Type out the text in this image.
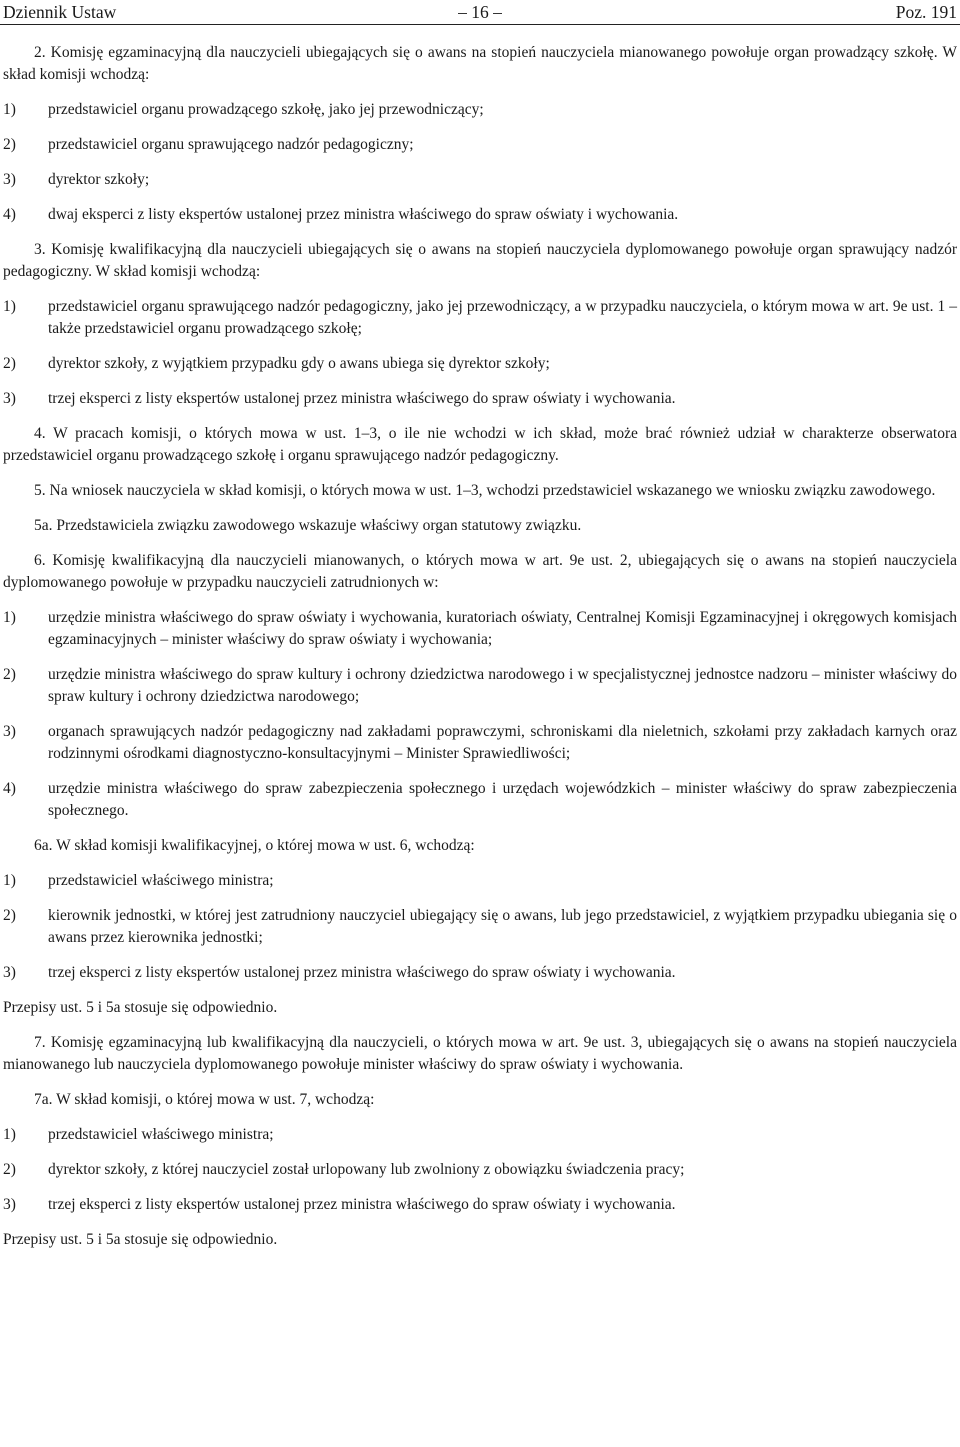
Dziennik Ustaw	– 16 –	Poz. 191

2. Komisję egzaminacyjną dla nauczycieli ubiegających się o awans na stopień nauczyciela mianowanego powołuje organ prowadzący szkołę. W skład komisji wchodzą:

1) przedstawiciel organu prowadzącego szkołę, jako jej przewodniczący;
2) przedstawiciel organu sprawującego nadzór pedagogiczny;
3) dyrektor szkoły;
4) dwaj eksperci z listy ekspertów ustalonej przez ministra właściwego do spraw oświaty i wychowania.

3. Komisję kwalifikacyjną dla nauczycieli ubiegających się o awans na stopień nauczyciela dyplomowanego powołuje organ sprawujący nadzór pedagogiczny. W skład komisji wchodzą:

1) przedstawiciel organu sprawującego nadzór pedagogiczny, jako jej przewodniczący, a w przypadku nauczyciela, o którym mowa w art. 9e ust. 1 – także przedstawiciel organu prowadzącego szkołę;
2) dyrektor szkoły, z wyjątkiem przypadku gdy o awans ubiega się dyrektor szkoły;
3) trzej eksperci z listy ekspertów ustalonej przez ministra właściwego do spraw oświaty i wychowania.

4. W pracach komisji, o których mowa w ust. 1–3, o ile nie wchodzi w ich skład, może brać również udział w charakterze obserwatora przedstawiciel organu prowadzącego szkołę i organu sprawującego nadzór pedagogiczny.

5. Na wniosek nauczyciela w skład komisji, o których mowa w ust. 1–3, wchodzi przedstawiciel wskazanego we wniosku związku zawodowego.

5a. Przedstawiciela związku zawodowego wskazuje właściwy organ statutowy związku.

6. Komisję kwalifikacyjną dla nauczycieli mianowanych, o których mowa w art. 9e ust. 2, ubiegających się o awans na stopień nauczyciela dyplomowanego powołuje w przypadku nauczycieli zatrudnionych w:

1) urzędzie ministra właściwego do spraw oświaty i wychowania, kuratoriach oświaty, Centralnej Komisji Egzaminacyjnej i okręgowych komisjach egzaminacyjnych – minister właściwy do spraw oświaty i wychowania;
2) urzędzie ministra właściwego do spraw kultury i ochrony dziedzictwa narodowego i w specjalistycznej jednostce nadzoru – minister właściwy do spraw kultury i ochrony dziedzictwa narodowego;
3) organach sprawujących nadzór pedagogiczny nad zakładami poprawczymi, schroniskami dla nieletnich, szkołami przy zakładach karnych oraz rodzinnymi ośrodkami diagnostyczno-konsultacyjnymi – Minister Sprawiedliwości;
4) urzędzie ministra właściwego do spraw zabezpieczenia społecznego i urzędach wojewódzkich – minister właściwy do spraw zabezpieczenia społecznego.

6a. W skład komisji kwalifikacyjnej, o której mowa w ust. 6, wchodzą:

1) przedstawiciel właściwego ministra;
2) kierownik jednostki, w której jest zatrudniony nauczyciel ubiegający się o awans, lub jego przedstawiciel, z wyjątkiem przypadku ubiegania się o awans przez kierownika jednostki;
3) trzej eksperci z listy ekspertów ustalonej przez ministra właściwego do spraw oświaty i wychowania.

Przepisy ust. 5 i 5a stosuje się odpowiednio.

7. Komisję egzaminacyjną lub kwalifikacyjną dla nauczycieli, o których mowa w art. 9e ust. 3, ubiegających się o awans na stopień nauczyciela mianowanego lub nauczyciela dyplomowanego powołuje minister właściwy do spraw oświaty i wychowania.

7a. W skład komisji, o której mowa w ust. 7, wchodzą:

1) przedstawiciel właściwego ministra;
2) dyrektor szkoły, z której nauczyciel został urlopowany lub zwolniony z obowiązku świadczenia pracy;
3) trzej eksperci z listy ekspertów ustalonej przez ministra właściwego do spraw oświaty i wychowania.

Przepisy ust. 5 i 5a stosuje się odpowiednio.
